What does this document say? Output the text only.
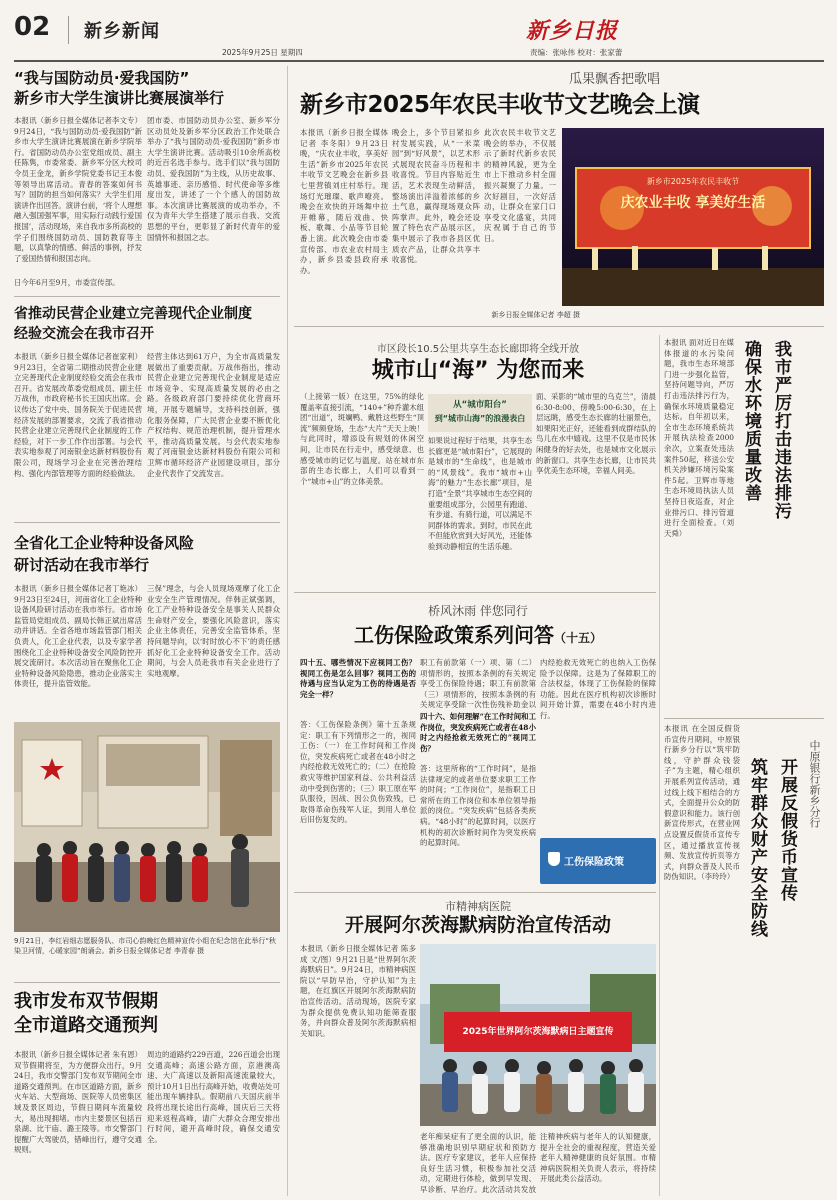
02 新乡新闻	新乡日报
2025年9月25日 星期四	责编：张咏伟 校对：张家蕾
“我与国防动员·爱我国防”
新乡市大学生演讲比赛展演举行
本报讯（新乡日报全媒体记者李文专）9月24日，“我与国防动员·爱我国防”新乡市大学生演讲比赛展演在新乡学院举行。省国防动员办公室党组成员、副主任陈隽，市委常委、新乡军分区大校司令员王金龙，新乡学院党委书记王本俊等领导出席活动。青春的答案如何书写？国防的担当如何落实？大学生们用演讲作出回答。演讲台前，‘将个人理想融入强国强军事，用实际行动践行爱国报国’，活动现场，来自我市多所高校的学子们围绕国防动员、国防教育等主题，以真挚的情感、鲜活的事例，抒发了爱国热情和报国志向。
团市委、市国防动员办公室、新乡军分区动员处及新乡军分区政治工作处联合举办了“我与国防动员·爱我国防”新乡市大学生演讲比赛。活动吸引10余所高校的近百名选手参与。选手们以“我与国防动员、爱我国防”为主线，从历史故事、英雄事迹、亲历感悟、时代使命等多维度出发，讲述了一个个感人的国防故事。本次演讲比赛展演的成功举办，不仅为青年大学生搭建了展示自我、交流思想的平台，更彰显了新时代青年的爱国情怀和报国之志。
日今年6月至9月，市委宣传部。
省推动民营企业建立完善现代企业制度
经验交流会在我市召开
本报讯（新乡日报全媒体记者崔家利）9月23日，全省第二期推动民营企业建立完善现代企业制度经验交流会在我市召开。省发展改革委党组成员、副主任万战伟，市政府秘书长王国庆出席。会议传达了党中央、国务院关于促进民营经济发展的部署要求，交流了我省推动民营企业建立完善现代企业制度的工作经验，对下一步工作作出部署。与会代表实地参观了河南银金达新材料股份有限公司，现场学习企业在完善治理结构、强化内部管理等方面的经验做法。
经营主体达到61万户，为全市高质量发展做出了重要贡献。万战伟指出，推动民营企业建立完善现代企业制度是适应市场竞争、实现高质量发展的必由之路。各级政府部门要持续优化营商环境，开展专题辅导，支持科技创新，强化服务保障，广大民营企业要不断优化产权结构、规范治理机制，提升管理水平，推动高质量发展。与会代表实地参观了河南银金达新材料股份有限公司和卫辉市循环经济产业园建设项目，部分企业代表作了交流发言。
全省化工企业特种设备风险
研讨活动在我市举行
本报讯（新乡日报全媒体记者丁艳冰）9月23日至24日，河南省化工企业特种设备风险研讨活动在我市举行。省市场监管局党组成员、副局长韩正斌出席活动并讲话。全省各地市场监管部门相关负责人，化工企业代表，以及专家学者围绕化工企业特种设备安全风险防控开展交流研讨。本次活动旨在聚焦化工企业特种设备风险隐患，推动企业落实主体责任，提升监管效能。
三保”理念，与会人员现场观摩了化工企业安全生产管理情况。伴韩正斌强调，化工产业特种设备安全是事关人民群众生命财产安全，要强化风险意识，落实企业主体责任，完善安全监管体系，坚持问题导向，以‘时时放心不下’的责任感抓好化工企业特种设备安全工作。活动期间，与会人员赴我市有关企业进行了实地观摩。
9月21日，李红岩细志愿服务队、市司心韵晚红色精神宣传小组在纪念馆在此举行“秋染卫河情，心暖家园”朗诵会。新乡日报全媒体记者 李青春 摄
我市发布双节假期
全市道路交通预判
本报讯（新乡日报全媒体记者 朱有恩）双节假期将至，为方便群众出行，9月24日，我市交警部门发布双节期间全市道路交通预判。在市区道路方面，新乡火车站、大型商场、医院等人员密集区域及景区周边，节假日期间车流量较大，易出现拥堵。市内主要景区包括百泉湖、比干庙、潞王陵等。市交警部门提醒广大驾驶员，错峰出行，遵守交通规则。
周边的道路约229百道，226百道会出现交通高峰；高速公路方面，京港澳高速、大广高速以及新阳高速流量较大，预计10月1日出行高峰开始，收费站处可能出现车辆排队。假期前八天国庆前半段将出现长途出行高峰，国庆后三天将迎来返程高峰，请广大群众合理安排出行时间，避开高峰时段，确保交通安全。
瓜果飘香把歌唱
新乡市2025年农民丰收节文艺晚会上演
本报讯（新乡日报全媒体记者 李冬阳）9月23日晚，“庆农业丰收，享美好生活”新乡市2025年农民丰收节文艺晚会在新乡县七里营镇刘庄村举行。现场灯光璀璨、歌声嘹亮。晚会在欢快的开场舞中拉开帷幕，随后戏曲、快板、歌舞、小品等节目轮番上演。此次晚会由市委宣传部、市农业农村局主办，新乡县委县政府承办。
晚会上，多个节目紧扣乡村发展实践，从“一米菜园”到“好风景”，以艺术形式展现农民奋斗历程和丰收喜悦。节目内容贴近生活，艺术表现生动鲜活，整场演出洋溢着浓郁的乡土气息，赢得现场观众阵阵掌声。此外，晚会还设置了特色农产品展示区，集中展示了我市各县区优质农产品，让群众共享丰收喜悦。
此次农民丰收节文艺晚会的举办，不仅展示了新时代新乡农民的精神风貌，更为全市上下推动乡村全面振兴凝聚了力量。一次好剧目，一次好活动，让群众在家门口享受文化盛宴，共同庆祝属于自己的节日。
新乡市2025年农民丰收节
庆农业丰收 享美好生活
新乡日报全媒体记者 李超 摄
市区段长10.5公里共享生态长廊即将全线开放
城市山“海” 为您而来
（上接第一版）在这里，75%的绿化覆盖率直接引流，“140+”种乔灌木组团“出道”，斑斓鸭、戴胜这些野生“顶流”频频登场，生态“大片”天天上映！与此同时，增添设有规划的休闲空间，让市民在行走中，感受绿意、也感受城市的记忆与温度。站在城市东部的生态长廊上，人们可以看到一个“城市+山”的立体美景。
从“城市阳台”
到“城市山海”的浪漫表白
如果说过程好于结果，共享生态长廊更是“城市阳台”，它展现的是城市的“生命线”，也是城市的“风景线”。我市“城市+山海”的魅力“生态长廊”项目，是打造“全景”共享城市生态空间的重要组成部分，公园里有跑道、有步道、有骑行道，可以满足不同群体的需求。到时，市民在此不但能欣赏到大好风光，还能体验到动静相宜的生活乐趣。
面、采影的“城市里的乌克兰”，清晨6:30-8:00、傍晚5:00-6:30，在上层远眺，感受生态长廊的壮丽景色，如果阳光正好，还能看到成群结队的鸟儿在水中嬉戏。这里不仅是市民休闲健身的好去处，也是城市文化展示的新窗口。共享生态长廊，让市民共享优美生态环境，幸福人间美。	我市严厉打击违法排污
确保水环境质量改善
本报讯 面对近日在媒体报道的水污染问题，我市生态环境部门进一步强化监管，坚持问题导向，严厉打击违法排污行为，确保水环境质量稳定达标。自年初以来，全市生态环境系统共开展执法检查2000余次，立案查处违法案件50起，移送公安机关涉嫌环境污染案件5起。卫辉市等地生态环境局执法人员坚持日夜巡查，对企业排污口、排污管道进行全面检查。（刘天舜）
桥风沐雨 伴您同行
工伤保险政策系列问答（十五）
四十五、哪些情况下应视同工伤？视同工伤是怎么回事？视同工伤的待遇与应当认定为工伤的待遇是否完全一样？
答：《工伤保险条例》第十五条规定：职工有下列情形之一的，视同工伤：（一）在工作时间和工作岗位，突发疾病死亡或者在48小时之内经抢救无效死亡的；（二）在抢险救灾等维护国家利益、公共利益活动中受到伤害的；（三）职工原在军队服役，因战、因公负伤致残，已取得革命伤残军人证，到用人单位后旧伤复发的。
职工有前款第（一）项、第（二）项情形的，按照本条例的有关规定享受工伤保险待遇；职工有前款第（三）项情形的，按照本条例的有关规定享受除一次性伤残补助金以
四十六、如何理解“在工作时间和工作岗位，突发疾病死亡或者在48小时之内经抢救无效死亡的”视同工伤？
答：这里所称的“工作时间”，是指法律规定的或者单位要求职工工作的时间；“工作岗位”，是指职工日常所在的工作岗位和本单位领导指派的岗位。“突发疾病”包括各类疾病。“48小时”的起算时间，以医疗机构的初次诊断时间作为突发疾病的起算时间。
内经抢救无效死亡的也纳入工伤保险予以保障。这是为了保障职工的合法权益，体现了工伤保险的保障功能。因此在医疗机构初次诊断时间开始计算，需要在48小时内进行。
工伤保险政策
中原银行新乡分行
开展反假货币宣传
筑牢群众财产安全防线
本报讯 在全国反假货币宣传月期间，中原银行新乡分行以“筑牢防线，守护群众钱袋子”为主题，精心组织开展系列宣传活动，通过线上线下相结合的方式，全面提升公众的防假意识和能力。该行创新宣传形式，在营业网点设置反假货币宣传专区，通过播放宣传视频、发放宣传折页等方式，向群众普及人民币防伪知识。（李玲玲）
市精神病医院
开展阿尔茨海默病防治宣传活动
本报讯（新乡日报全媒体记者 陈多成 文/图）9月21日是“世界阿尔茨海默病日”。9月24日，市精神病医院以“早防早治，守护认知”为主题，在红旗区开展阿尔茨海默病防治宣传活动。活动现场，医院专家为群众提供免费认知功能筛查服务，并向群众普及阿尔茨海默病相关知识。	2025年世界阿尔茨海默病日主题宣传
老年痴呆症有了更全面的认识，能够准确地识别早期症状和预防方法。医疗专家建议，老年人应保持良好生活习惯，积极参加社交活动，定期进行体检，做到早发现、早诊断、早治疗。此次活动共发放
注精神疾病与老年人的认知健康，提升全社会的重视程度，营造关爱老年人精神健康的良好氛围。市精神病医院相关负责人表示，将持续开展此类公益活动。
